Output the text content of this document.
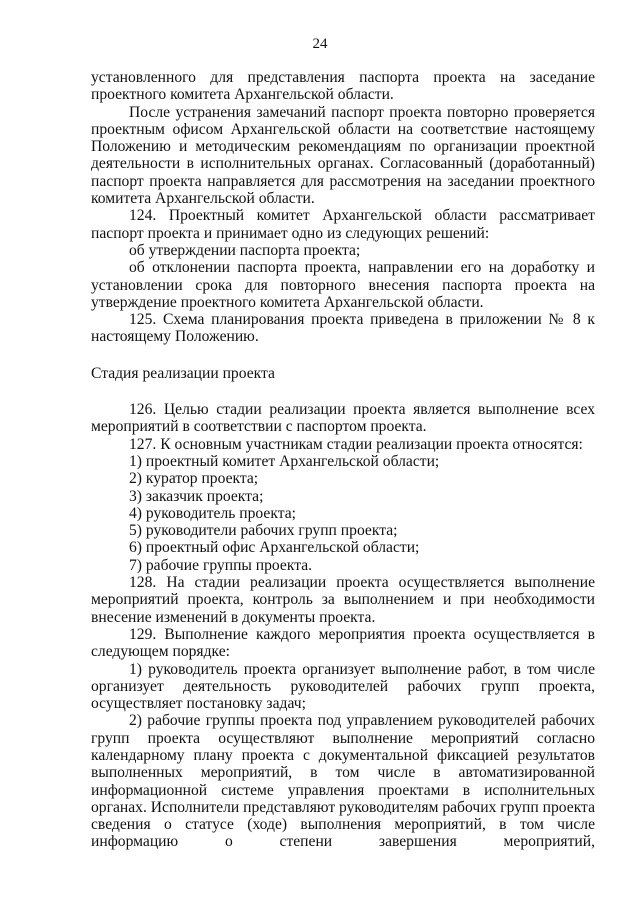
24

установленного для представления паспорта проекта на заседание проектного комитета Архангельской области.

После устранения замечаний паспорт проекта повторно проверяется проектным офисом Архангельской области на соответствие настоящему Положению и методическим рекомендациям по организации проектной деятельности в исполнительных органах. Согласованный (доработанный) паспорт проекта направляется для рассмотрения на заседании проектного комитета Архангельской области.

124. Проектный комитет Архангельской области рассматривает паспорт проекта и принимает одно из следующих решений:

об утверждении паспорта проекта;

об отклонении паспорта проекта, направлении его на доработку и установлении срока для повторного внесения паспорта проекта на утверждение проектного комитета Архангельской области.

125. Схема планирования проекта приведена в приложении № 8 к настоящему Положению.

Стадия реализации проекта

126. Целью стадии реализации проекта является выполнение всех мероприятий в соответствии с паспортом проекта.

127. К основным участникам стадии реализации проекта относятся:

1) проектный комитет Архангельской области;

2) куратор проекта;

3) заказчик проекта;

4) руководитель проекта;

5) руководители рабочих групп проекта;

6) проектный офис Архангельской области;

7) рабочие группы проекта.

128. На стадии реализации проекта осуществляется выполнение мероприятий проекта, контроль за выполнением и при необходимости внесение изменений в документы проекта.

129. Выполнение каждого мероприятия проекта осуществляется в следующем порядке:

1) руководитель проекта организует выполнение работ, в том числе организует деятельность руководителей рабочих групп проекта, осуществляет постановку задач;

2) рабочие группы проекта под управлением руководителей рабочих групп проекта осуществляют выполнение мероприятий согласно календарному плану проекта с документальной фиксацией результатов выполненных мероприятий, в том числе в автоматизированной информационной системе управления проектами в исполнительных органах. Исполнители представляют руководителям рабочих групп проекта сведения о статусе (ходе) выполнения мероприятий, в том числе информацию о степени завершения мероприятий,
